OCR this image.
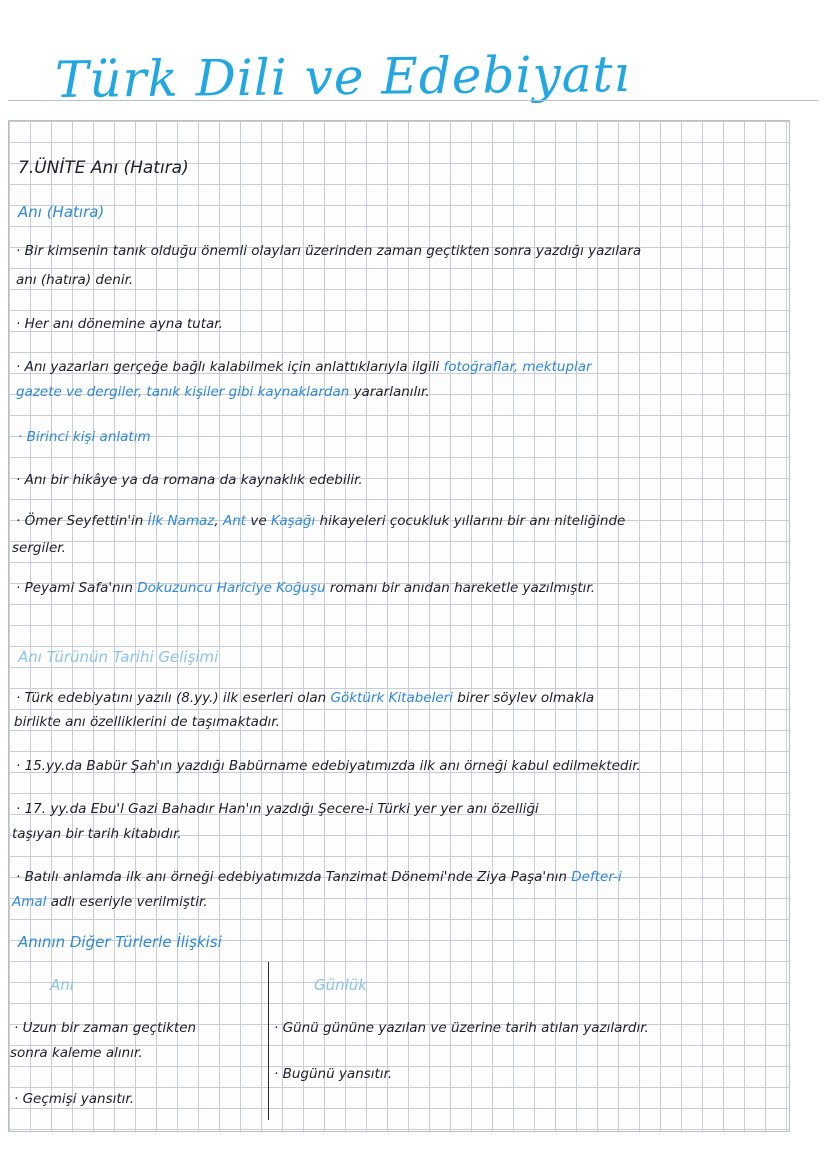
Türk Dili ve Edebiyatı
7.ÜNİTE Anı (Hatıra)
Anı (Hatıra)
· Bir kimsenin tanık olduğu önemli olayları üzerinden zaman geçtikten sonra yazdığı yazılara
anı (hatıra) denir.
· Her anı dönemine ayna tutar.
· Anı yazarları gerçeğe bağlı kalabilmek için anlattıklarıyla ilgili fotoğraflar, mektuplar
gazete ve dergiler, tanık kişiler gibi kaynaklardan yararlanılır.
· Birinci kişi anlatım
· Anı bir hikâye ya da romana da kaynaklık edebilir.
· Ömer Seyfettin'in İlk Namaz, Ant ve Kaşağı hikayeleri çocukluk yıllarını bir anı niteliğinde
sergiler.
· Peyami Safa'nın Dokuzuncu Hariciye Koğuşu romanı bir anıdan hareketle yazılmıştır.
Anı Türünün Tarihi Gelişimi
· Türk edebiyatını yazılı (8.yy.) ilk eserleri olan Göktürk Kitabeleri birer söylev olmakla
birlikte anı özelliklerini de taşımaktadır.
· 15.yy.da Babür Şah'ın yazdığı Babürname edebiyatımızda ilk anı örneği kabul edilmektedir.
· 17. yy.da Ebu'l Gazi Bahadır Han'ın yazdığı Şecere-i Türki yer yer anı özelliği
taşıyan bir tarih kitabıdır.
· Batılı anlamda ilk anı örneği edebiyatımızda Tanzimat Dönemi'nde Ziya Paşa'nın Defter-i
Amal adlı eseriyle verilmiştir.
Anının Diğer Türlerle İlişkisi
Anı	Günlük
· Uzun bir zaman geçtikten
sonra kaleme alınır.
· Geçmişi yansıtır.
· Günü gününe yazılan ve üzerine tarih atılan yazılardır.
· Bugünü yansıtır.
